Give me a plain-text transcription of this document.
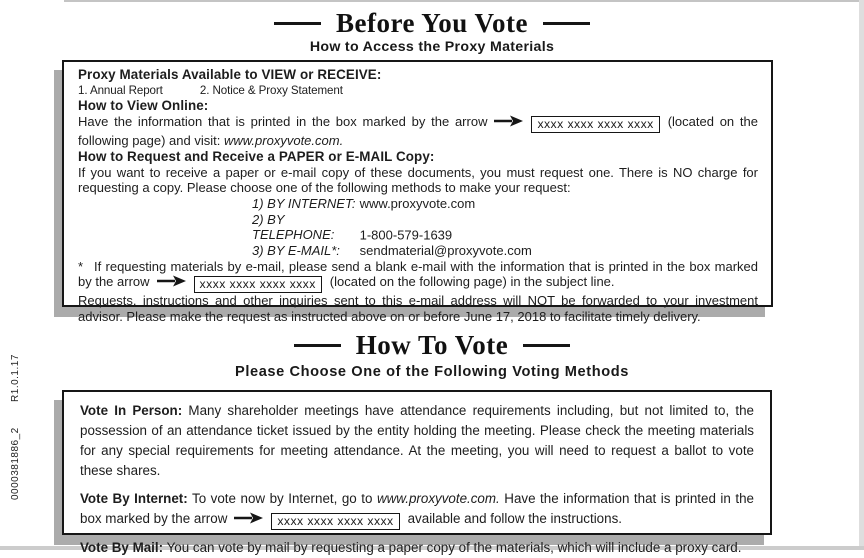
0000381886_2 R1.0.1.17
Before You Vote
How to Access the Proxy Materials

Proxy Materials Available to VIEW or RECEIVE:

1. Annual Report	2. Notice & Proxy Statement

How to View Online:

Have the information that is printed in the box marked by the arrow	xxxx xxxx xxxx xxxx (located on the following page) and visit: www.proxyvote.com.

How to Request and Receive a PAPER or E-MAIL Copy:

If you want to receive a paper or e-mail copy of these documents, you must request one. There is NO charge for requesting a copy. Please choose one of the following methods to make your request:

1) BY INTERNET: www.proxyvote.com
2) BY TELEPHONE: 1-800-579-1639
3) BY E-MAIL*: sendmaterial@proxyvote.com

* If requesting materials by e-mail, please send a blank e-mail with the information that is printed in the box marked by the arrow	xxxx xxxx xxxx xxxx (located on the following page) in the subject line.

Requests, instructions and other inquiries sent to this e-mail address will NOT be forwarded to your investment advisor. Please make the request as instructed above on or before June 17, 2018 to facilitate timely delivery.

How To Vote
Please Choose One of the Following Voting Methods

Vote In Person: Many shareholder meetings have attendance requirements including, but not limited to, the possession of an attendance ticket issued by the entity holding the meeting. Please check the meeting materials for any special requirements for meeting attendance. At the meeting, you will need to request a ballot to vote these shares.

Vote By Internet: To vote now by Internet, go to www.proxyvote.com. Have the information that is printed in the box marked by the arrow	xxxx xxxx xxxx xxxx available and follow the instructions.

Vote By Mail: You can vote by mail by requesting a paper copy of the materials, which will include a proxy card.
